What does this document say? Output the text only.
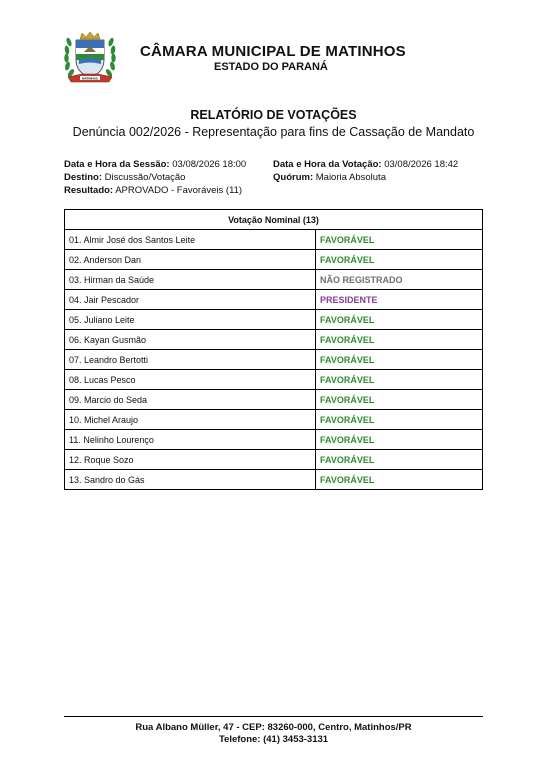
MATINHOS
CÂMARA MUNICIPAL DE MATINHOS
ESTADO DO PARANÁ
RELATÓRIO DE VOTAÇÕES
Denúncia 002/2026 - Representação para fins de Cassação de Mandato
Data e Hora da Sessão: 03/08/2026 18:00
Destino: Discussão/Votação
Resultado: APROVADO - Favoráveis (11)
Data e Hora da Votação: 03/08/2026 18:42
Quórum: Maioria Absoluta
Votação Nominal (13)	
01. Almir José dos Santos Leite	FAVORÁVEL
02. Anderson Dan	FAVORÁVEL
03. Hirman da Saúde	NÃO REGISTRADO
04. Jair Pescador	PRESIDENTE
05. Juliano Leite	FAVORÁVEL
06. Kayan Gusmão	FAVORÁVEL
07. Leandro Bertotti	FAVORÁVEL
08. Lucas Pesco	FAVORÁVEL
09. Marcio do Seda	FAVORÁVEL
10. Michel Araujo	FAVORÁVEL
11. Nelinho Lourenço	FAVORÁVEL
12. Roque Sozo	FAVORÁVEL
13. Sandro do Gás	FAVORÁVEL
Rua Albano Müller, 47 - CEP: 83260-000, Centro, Matinhos/PR
Telefone: (41) 3453-3131
